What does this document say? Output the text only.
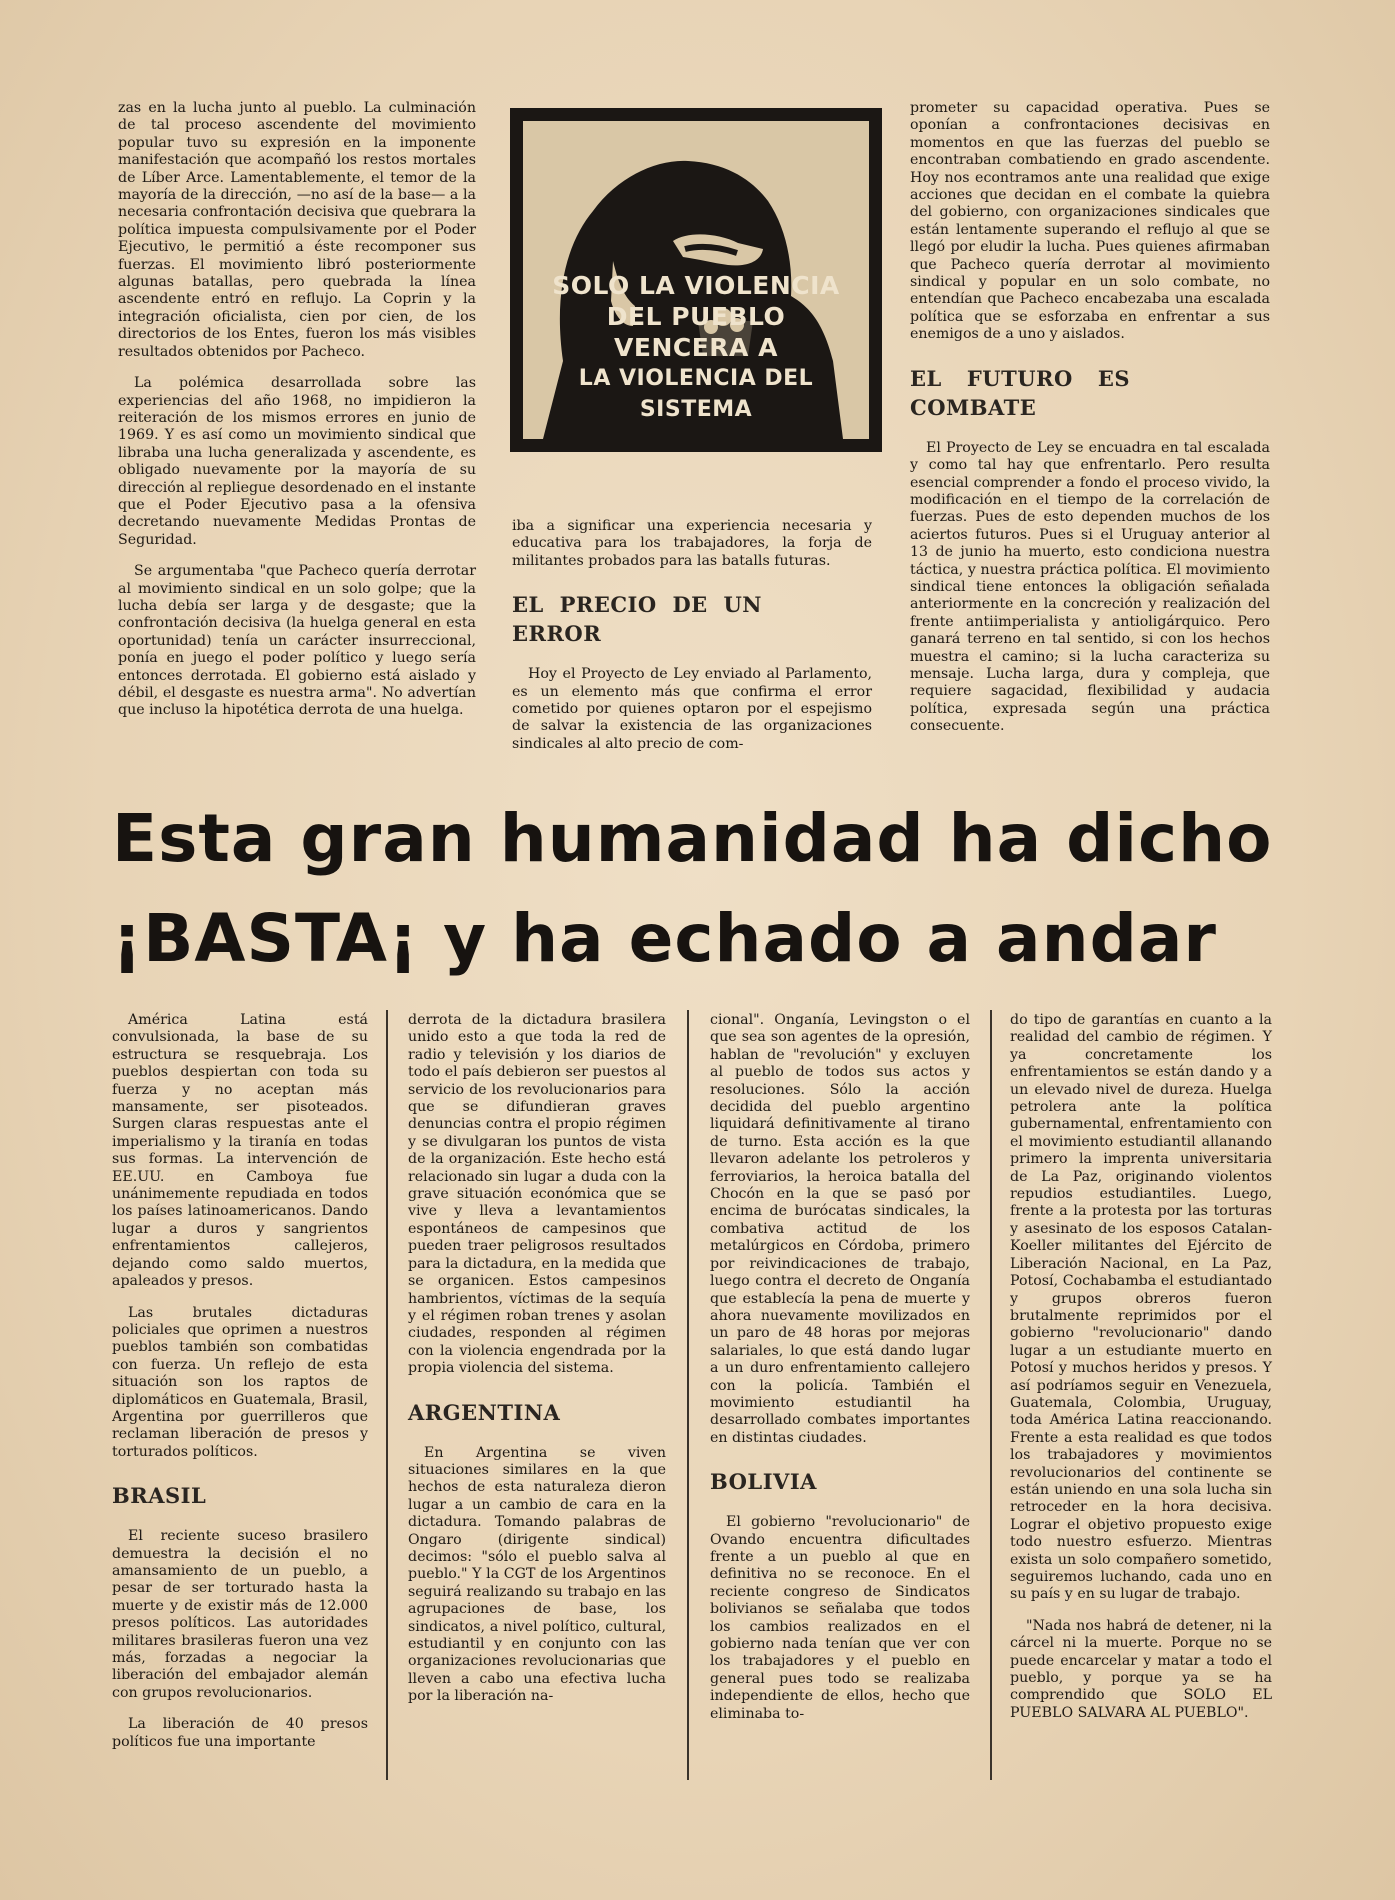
zas en la lucha junto al pueblo. La culminación de tal proceso ascendente del movimiento popular tuvo su expresión en la imponente manifestación que acompañó los restos mortales de Líber Arce. Lamentablemente, el temor de la mayoría de la dirección, —no así de la base— a la necesaria confrontación decisiva que quebrara la política impuesta compulsivamente por el Poder Ejecutivo, le permitió a éste recomponer sus fuerzas. El movimiento libró posteriormente algunas batallas, pero quebrada la línea ascendente entró en reflujo. La Coprin y la integración oficialista, cien por cien, de los directorios de los Entes, fueron los más visibles resultados obtenidos por Pacheco.

La polémica desarrollada sobre las experiencias del año 1968, no impidieron la reiteración de los mismos errores en junio de 1969. Y es así como un movimiento sindical que libraba una lucha generalizada y ascendente, es obligado nuevamente por la mayoría de su dirección al repliegue desordenado en el instante que el Poder Ejecutivo pasa a la ofensiva decretando nuevamente Medidas Prontas de Seguridad.

Se argumentaba "que Pacheco quería derrotar al movimiento sindical en un solo golpe; que la lucha debía ser larga y de desgaste; que la confrontación decisiva (la huelga general en esta oportunidad) tenía un carácter insurreccional, ponía en juego el poder político y luego sería entonces derrotada. El gobierno está aislado y débil, el desgaste es nuestra arma". No advertían que incluso la hipotética derrota de una huelga.

SOLO LA VIOLENCIA
DEL PUEBLO
VENCERA A
LA VIOLENCIA DEL SISTEMA

iba a significar una experiencia necesaria y educativa para los trabajadores, la forja de militantes probados para las batalls futuras.

EL PRECIO DE UN ERROR

Hoy el Proyecto de Ley enviado al Parlamento, es un elemento más que confirma el error cometido por quienes optaron por el espejismo de salvar la existencia de las organizaciones sindicales al alto precio de com-

prometer su capacidad operativa. Pues se oponían a confrontaciones decisivas en momentos en que las fuerzas del pueblo se encontraban combatiendo en grado ascendente. Hoy nos econtramos ante una realidad que exige acciones que decidan en el combate la quiebra del gobierno, con organizaciones sindicales que están lentamente superando el reflujo al que se llegó por eludir la lucha. Pues quienes afirmaban que Pacheco quería derrotar al movimiento sindical y popular en un solo combate, no entendían que Pacheco encabezaba una escalada política que se esforzaba en enfrentar a sus enemigos de a uno y aislados.

EL FUTURO ES COMBATE

El Proyecto de Ley se encuadra en tal escalada y como tal hay que enfrentarlo. Pero resulta esencial comprender a fondo el proceso vivido, la modificación en el tiempo de la correlación de fuerzas. Pues de esto dependen muchos de los aciertos futuros. Pues si el Uruguay anterior al 13 de junio ha muerto, esto condiciona nuestra táctica, y nuestra práctica política. El movimiento sindical tiene entonces la obligación señalada anteriormente en la concreción y realización del frente antiimperialista y antioligárquico. Pero ganará terreno en tal sentido, si con los hechos muestra el camino; si la lucha caracteriza su mensaje. Lucha larga, dura y compleja, que requiere sagacidad, flexibilidad y audacia política, expresada según una práctica consecuente.

Esta gran humanidad ha dicho
¡BASTA¡ y ha echado a andar

América Latina está convulsionada, la base de su estructura se resquebraja. Los pueblos despiertan con toda su fuerza y no aceptan más mansamente, ser pisoteados. Surgen claras respuestas ante el imperialismo y la tiranía en todas sus formas. La intervención de EE.UU. en Camboya fue unánimemente repudiada en todos los países latinoamericanos. Dando lugar a duros y sangrientos enfrentamientos callejeros, dejando como saldo muertos, apaleados y presos.

Las brutales dictaduras policiales que oprimen a nuestros pueblos también son combatidas con fuerza. Un reflejo de esta situación son los raptos de diplomáticos en Guatemala, Brasil, Argentina por guerrilleros que reclaman liberación de presos y torturados políticos.

BRASIL

El reciente suceso brasilero demuestra la decisión el no amansamiento de un pueblo, a pesar de ser torturado hasta la muerte y de existir más de 12.000 presos políticos. Las autoridades militares brasileras fueron una vez más, forzadas a negociar la liberación del embajador alemán con grupos revolucionarios.

La liberación de 40 presos políticos fue una importante

derrota de la dictadura brasilera unido esto a que toda la red de radio y televisión y los diarios de todo el país debieron ser puestos al servicio de los revolucionarios para que se difundieran graves denuncias contra el propio régimen y se divulgaran los puntos de vista de la organización. Este hecho está relacionado sin lugar a duda con la grave situación económica que se vive y lleva a levantamientos espontáneos de campesinos que pueden traer peligrosos resultados para la dictadura, en la medida que se organicen. Estos campesinos hambrientos, víctimas de la sequía y el régimen roban trenes y asolan ciudades, responden al régimen con la violencia engendrada por la propia violencia del sistema.

ARGENTINA

En Argentina se viven situaciones similares en la que hechos de esta naturaleza dieron lugar a un cambio de cara en la dictadura. Tomando palabras de Ongaro (dirigente sindical) decimos: "sólo el pueblo salva al pueblo." Y la CGT de los Argentinos seguirá realizando su trabajo en las agrupaciones de base, los sindicatos, a nivel político, cultural, estudiantil y en conjunto con las organizaciones revolucionarias que lleven a cabo una efectiva lucha por la liberación na-

cional". Onganía, Levingston o el que sea son agentes de la opresión, hablan de "revolución" y excluyen al pueblo de todos sus actos y resoluciones. Sólo la acción decidida del pueblo argentino liquidará definitivamente al tirano de turno. Esta acción es la que llevaron adelante los petroleros y ferroviarios, la heroica batalla del Chocón en la que se pasó por encima de burócatas sindicales, la combativa actitud de los metalúrgicos en Córdoba, primero por reivindicaciones de trabajo, luego contra el decreto de Onganía que establecía la pena de muerte y ahora nuevamente movilizados en un paro de 48 horas por mejoras salariales, lo que está dando lugar a un duro enfrentamiento callejero con la policía. También el movimiento estudiantil ha desarrollado combates importantes en distintas ciudades.

BOLIVIA

El gobierno "revolucionario" de Ovando encuentra dificultades frente a un pueblo al que en definitiva no se reconoce. En el reciente congreso de Sindicatos bolivianos se señalaba que todos los cambios realizados en el gobierno nada tenían que ver con los trabajadores y el pueblo en general pues todo se realizaba independiente de ellos, hecho que eliminaba to-

do tipo de garantías en cuanto a la realidad del cambio de régimen. Y ya concretamente los enfrentamientos se están dando y a un elevado nivel de dureza. Huelga petrolera ante la política gubernamental, enfrentamiento con el movimiento estudiantil allanando primero la imprenta universitaria de La Paz, originando violentos repudios estudiantiles. Luego, frente a la protesta por las torturas y asesinato de los esposos Catalan-Koeller militantes del Ejército de Liberación Nacional, en La Paz, Potosí, Cochabamba el estudiantado y grupos obreros fueron brutalmente reprimidos por el gobierno "revolucionario" dando lugar a un estudiante muerto en Potosí y muchos heridos y presos. Y así podríamos seguir en Venezuela, Guatemala, Colombia, Uruguay, toda América Latina reaccionando. Frente a esta realidad es que todos los trabajadores y movimientos revolucionarios del continente se están uniendo en una sola lucha sin retroceder en la hora decisiva. Lograr el objetivo propuesto exige todo nuestro esfuerzo. Mientras exista un solo compañero sometido, seguiremos luchando, cada uno en su país y en su lugar de trabajo.

"Nada nos habrá de detener, ni la cárcel ni la muerte. Porque no se puede encarcelar y matar a todo el pueblo, y porque ya se ha comprendido que SOLO EL PUEBLO SALVARA AL PUEBLO".
